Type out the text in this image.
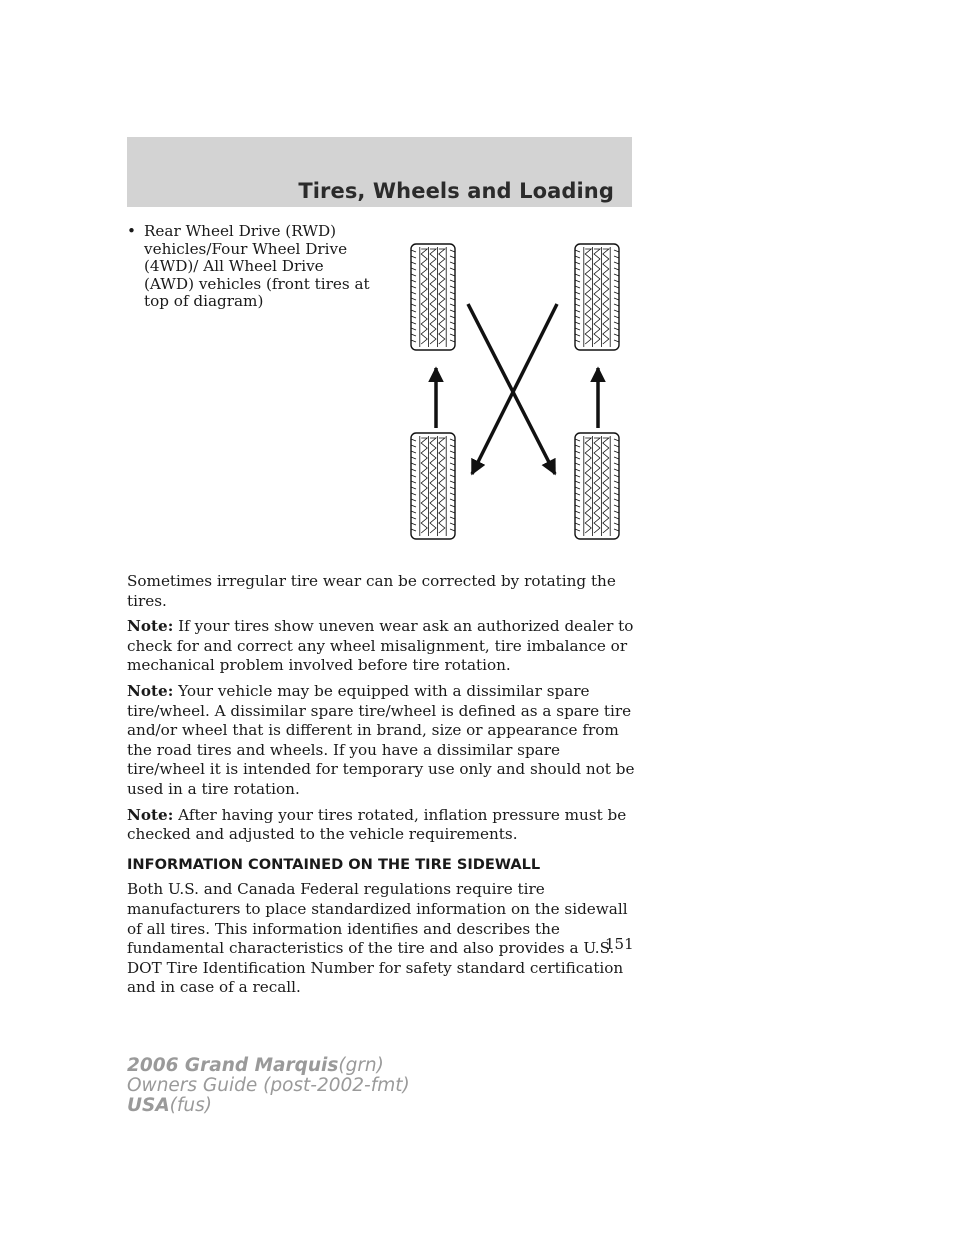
Tires, Wheels and Loading
• Rear Wheel Drive (RWD) vehicles/Four Wheel Drive (4WD)/ All Wheel Drive (AWD) vehicles (front tires at top of diagram)

Sometimes irregular tire wear can be corrected by rotating the tires.

Note: If your tires show uneven wear ask an authorized dealer to check for and correct any wheel misalignment, tire imbalance or mechanical problem involved before tire rotation.

Note: Your vehicle may be equipped with a dissimilar spare tire/wheel. A dissimilar spare tire/wheel is defined as a spare tire and/or wheel that is different in brand, size or appearance from the road tires and wheels. If you have a dissimilar spare tire/wheel it is intended for temporary use only and should not be used in a tire rotation.

Note: After having your tires rotated, inflation pressure must be checked and adjusted to the vehicle requirements.

INFORMATION CONTAINED ON THE TIRE SIDEWALL

Both U.S. and Canada Federal regulations require tire manufacturers to place standardized information on the sidewall of all tires. This information identifies and describes the fundamental characteristics of the tire and also provides a U.S. DOT Tire Identification Number for safety standard certification and in case of a recall.

151
2006 Grand Marquis(grn)
Owners Guide (post-2002-fmt)
USA(fus)
